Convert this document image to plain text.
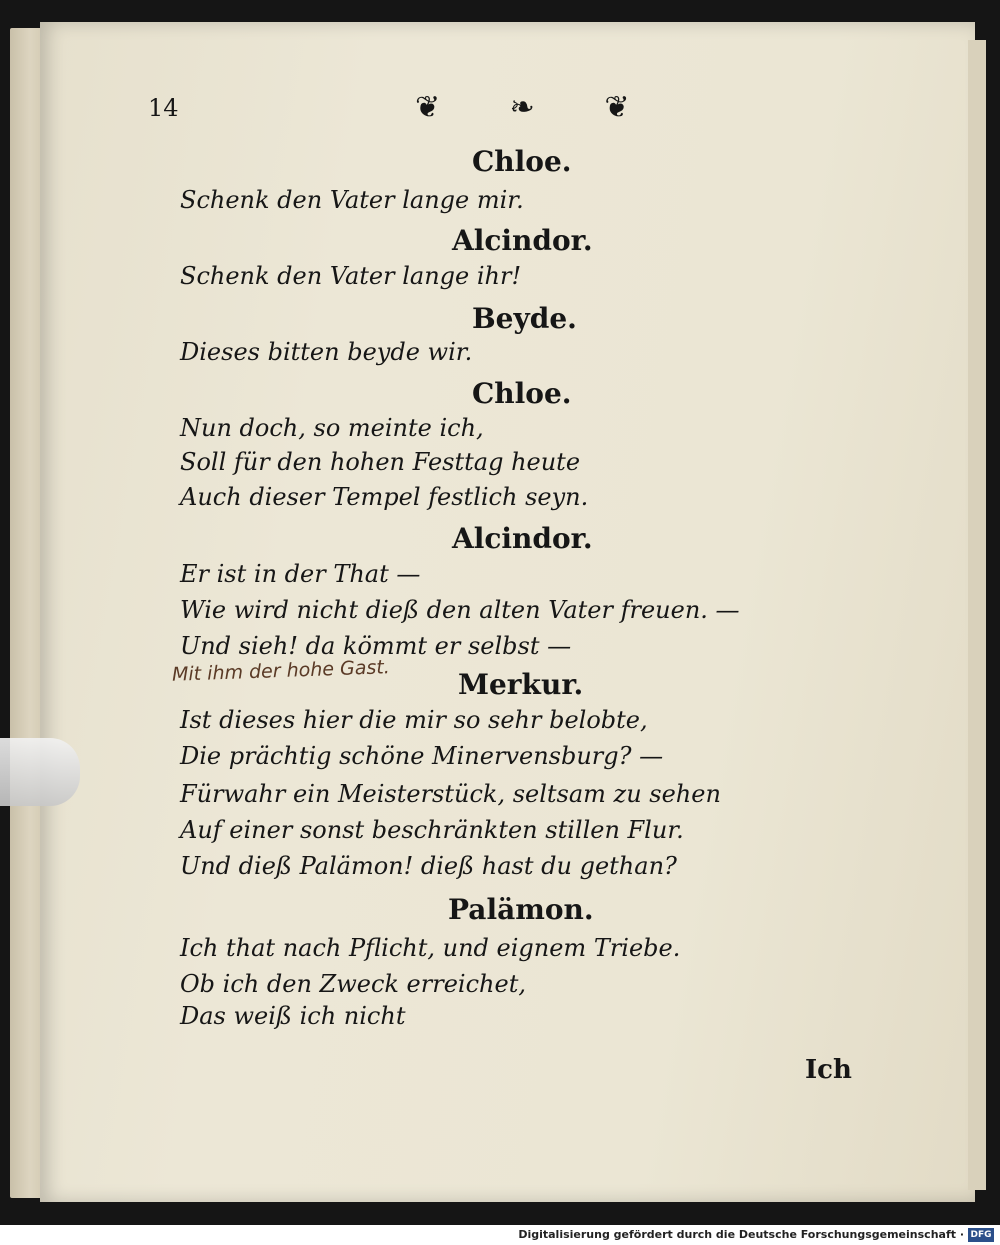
14	❦ ❧ ❦
Chloe.
Schenk den Vater lange mir.
Alcindor.
Schenk den Vater lange ihr!
Beyde.
Dieses bitten beyde wir.
Chloe.
Nun doch, so meinte ich,
Soll für den hohen Festtag heute
Auch dieser Tempel festlich seyn.
Alcindor.
Er ist in der That —
Wie wird nicht dieß den alten Vater freuen. —
Und sieh! da kömmt er selbst —
Mit ihm der hohe Gast. Merkur.
Ist dieses hier die mir so sehr belobte,
Die prächtig schöne Minervensburg? —
Fürwahr ein Meisterstück, seltsam zu sehen
Auf einer sonst beschränkten stillen Flur.
Und dieß Palämon! dieß hast du gethan?
Palämon.
Ich that nach Pflicht, und eignem Triebe.
Ob ich den Zweck erreichet,
Das weiß ich nicht
Ich
Digitalisierung gefördert durch die Deutsche Forschungsgemeinschaft · DFG
